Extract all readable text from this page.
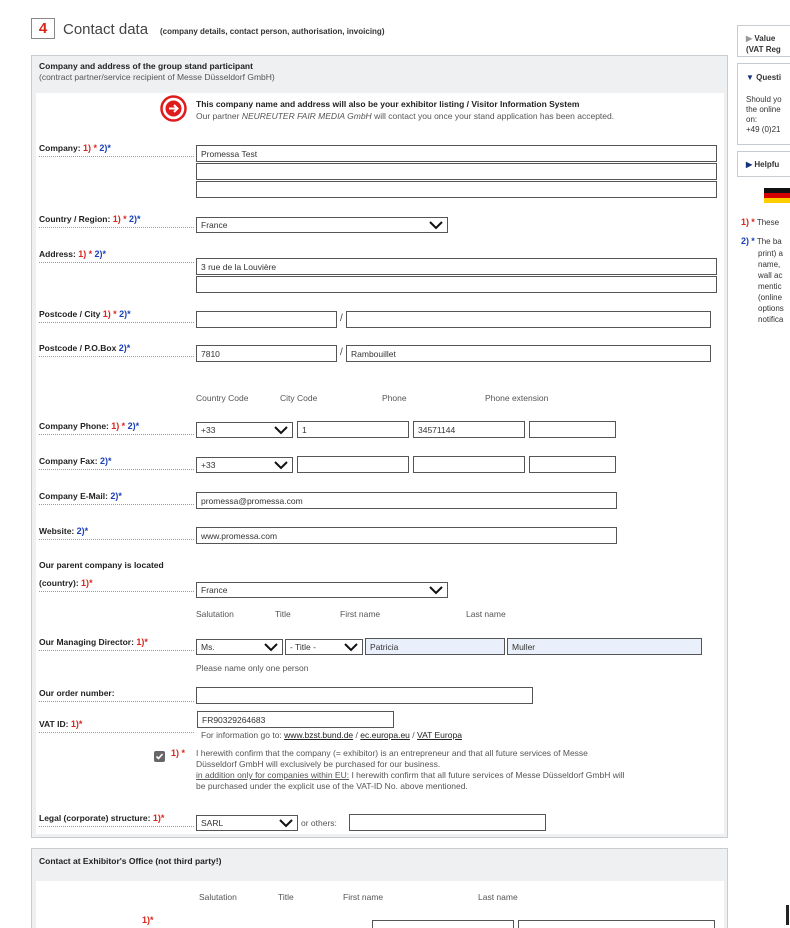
4	Contact data (company details, contact person, authorisation, invoicing)
Company and address of the group stand participant
(contract partner/service recipient of Messe Düsseldorf GmbH)
This company name and address will also be your exhibitor listing / Visitor Information System
Our partner NEUREUTER FAIR MEDIA GmbH will contact you once your stand application has been accepted.
Company: 1) * 2)*
Promessa Test
Country / Region: 1) * 2)*
France
Address: 1) * 2)*
3 rue de la Louvière
Postcode / City 1) * 2)*	/
Postcode / P.O.Box 2)*
7810	/ Rambouillet
Country Code	City Code	Phone	Phone extension
Company Phone: 1) * 2)*	+33	1	34571144
Company Fax: 2)*	+33
Company E-Mail: 2)*	promessa@promessa.com
Website: 2)*	www.promessa.com
Our parent company is located
(country): 1)*
France
Salutation	Title	First name	Last name
Our Managing Director: 1)*	Ms.	- Title -	Patricia	Muller
Please name only one person
Our order number:
VAT ID: 1)*	FR90329264683
For information go to: www.bzst.bund.de / ec.europa.eu / VAT Europa
1) * I herewith confirm that the company (= exhibitor) is an entrepreneur and that all future services of Messe
Düsseldorf GmbH will exclusively be purchased for our business.
in addition only for companies within EU: I herewith confirm that all future services of Messe Düsseldorf GmbH will
be purchased under the explicit use of the VAT-ID No. above mentioned.
Legal (corporate) structure: 1)*	SARL	or others:
Contact at Exhibitor's Office (not third party!)
Salutation	Title	First name	Last name
1)*
▶ Value
(VAT Reg
▼ Questi
Should yo
the online
on:
+49 (0)21
▶ Helpfu
1) * These
2) * The ba
print) a
name,
wall ac
mentic
(online
options
notifica
